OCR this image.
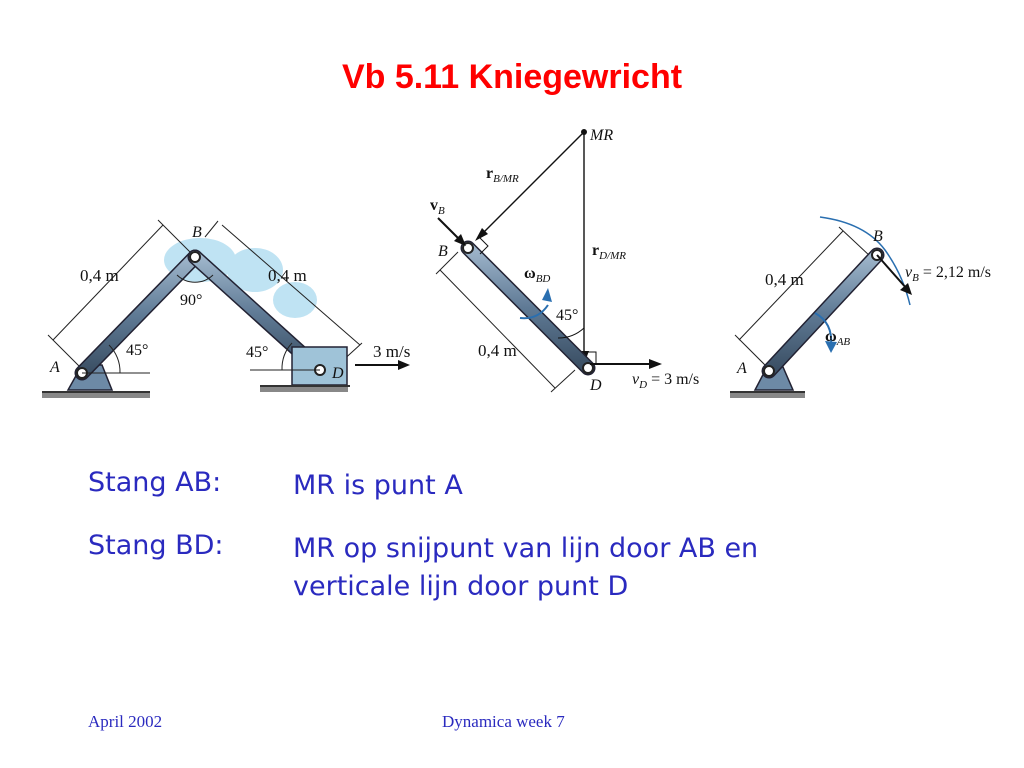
Vb 5.11 Kniegewricht
A
B
D
0,4 m	0,4 m
90°
45°	45°	3 m/s
MR
$r_{B/MR}$
$v_B$
B	$r_{D/MR}$
$\omega_{BD}$
45°
0,4 m
D $v_D = 3$ m/s
B
A
0,4 m
$\omega_{AB}$
$v_B = 2,12$ m/s
Stang AB:	MR is punt A
Stang BD:	MR op snijpunt van lijn door AB en verticale lijn door punt D
April 2002	Dynamica week 7
